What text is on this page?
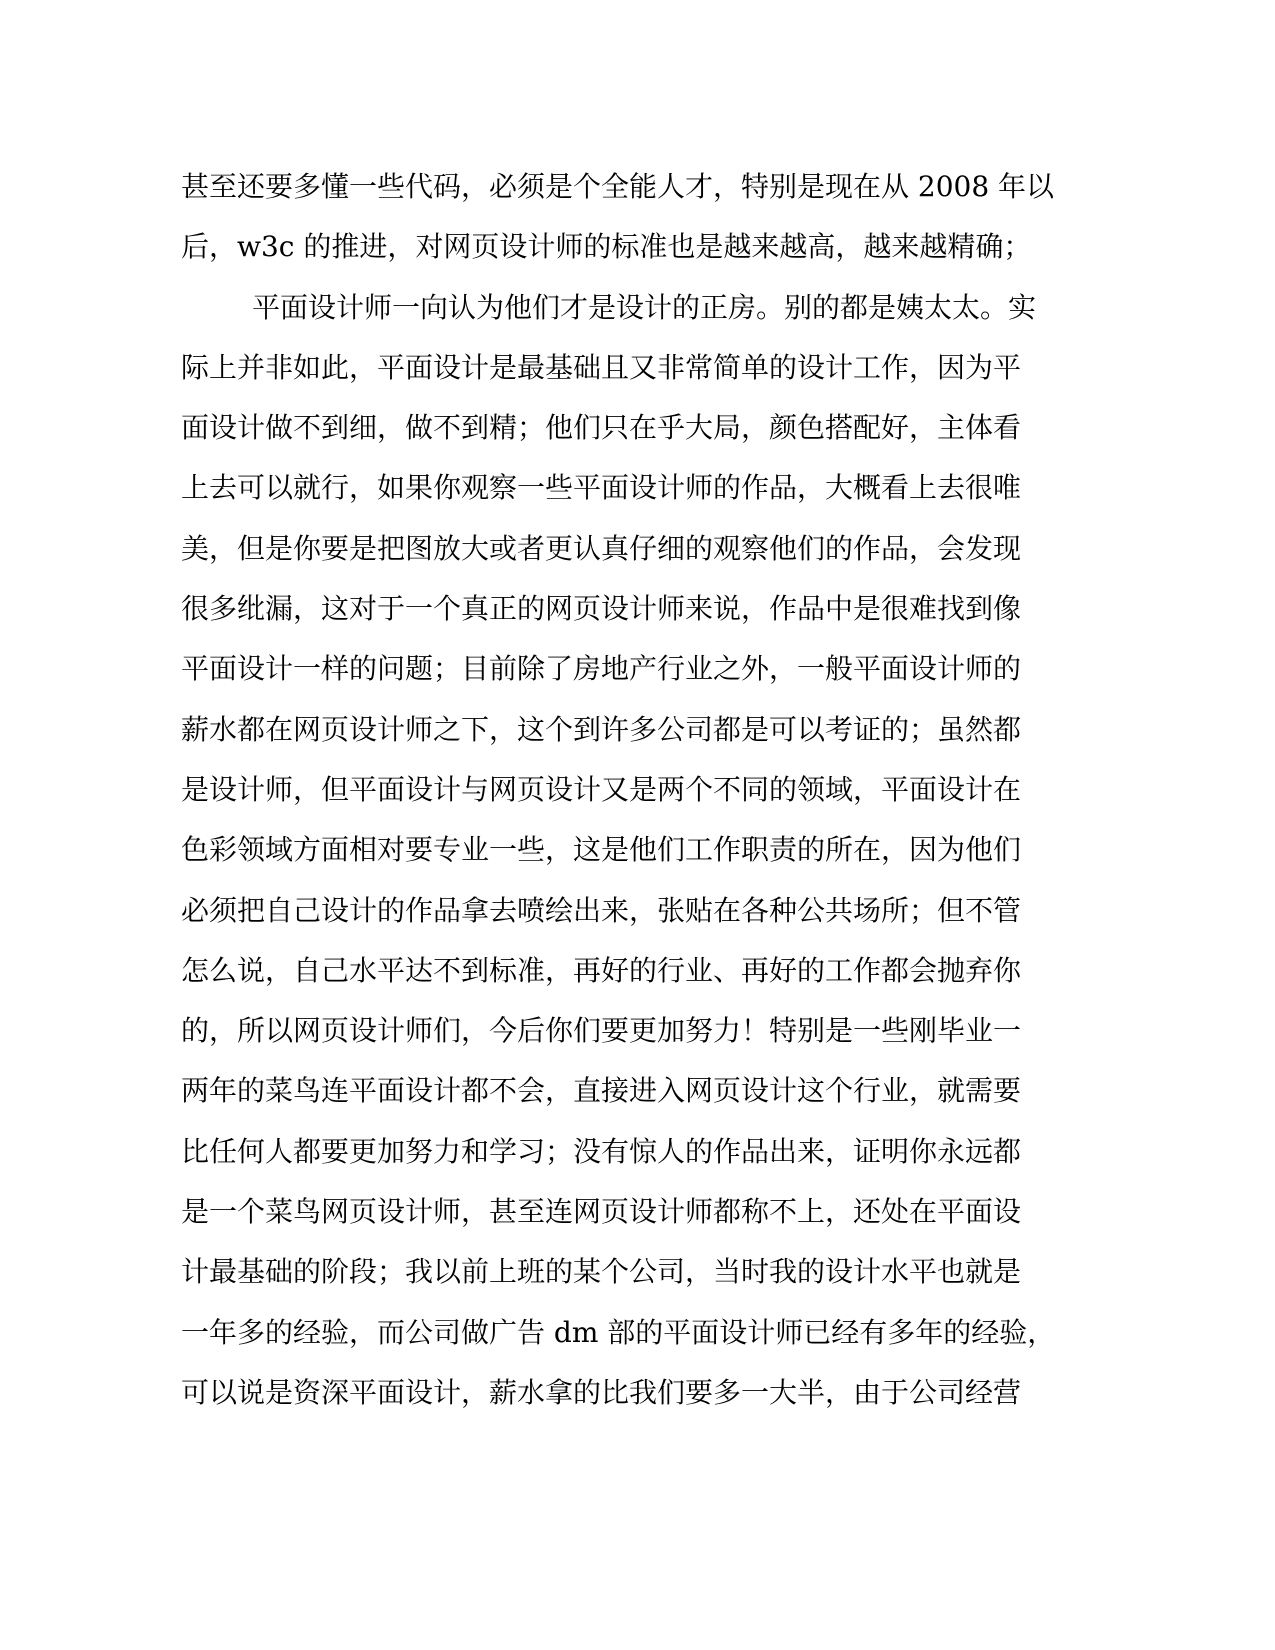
甚至还要多懂一些代码，必须是个全能人才，特别是现在从 2008 年以
后，w3c 的推进，对网页设计师的标准也是越来越高，越来越精确；
平面设计师一向认为他们才是设计的正房。别的都是姨太太。实
际上并非如此，平面设计是最基础且又非常简单的设计工作，因为平
面设计做不到细，做不到精；他们只在乎大局，颜色搭配好，主体看
上去可以就行，如果你观察一些平面设计师的作品，大概看上去很唯
美，但是你要是把图放大或者更认真仔细的观察他们的作品，会发现
很多纰漏，这对于一个真正的网页设计师来说，作品中是很难找到像
平面设计一样的问题；目前除了房地产行业之外，一般平面设计师的
薪水都在网页设计师之下，这个到许多公司都是可以考证的；虽然都
是设计师，但平面设计与网页设计又是两个不同的领域，平面设计在
色彩领域方面相对要专业一些，这是他们工作职责的所在，因为他们
必须把自己设计的作品拿去喷绘出来，张贴在各种公共场所；但不管
怎么说，自己水平达不到标准，再好的行业、再好的工作都会抛弃你
的，所以网页设计师们，今后你们要更加努力！特别是一些刚毕业一
两年的菜鸟连平面设计都不会，直接进入网页设计这个行业，就需要
比任何人都要更加努力和学习；没有惊人的作品出来，证明你永远都
是一个菜鸟网页设计师，甚至连网页设计师都称不上，还处在平面设
计最基础的阶段；我以前上班的某个公司，当时我的设计水平也就是
一年多的经验，而公司做广告 dm 部的平面设计师已经有多年的经验，
可以说是资深平面设计，薪水拿的比我们要多一大半，由于公司经营
